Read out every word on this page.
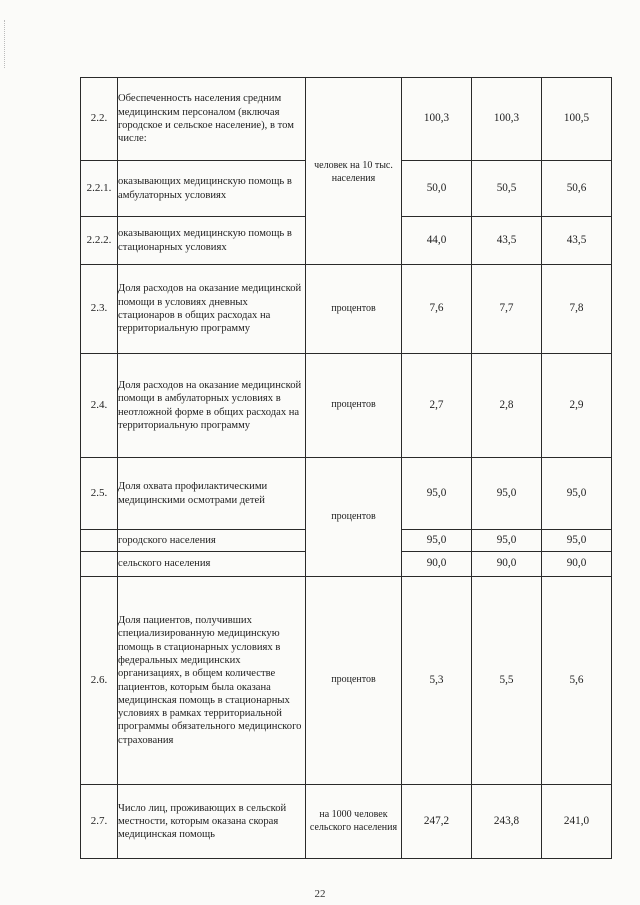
2.2.	Обеспеченность населения средним медицинским персоналом (включая городское и сельское население), в том числе:	человек на 10 тыс. населения	100,3	100,3	100,5
2.2.1.	оказывающих медицинскую помощь в амбулаторных условиях		50,0	50,5	50,6
2.2.2.	оказывающих медицинскую помощь в стационарных условиях		44,0	43,5	43,5
2.3.	Доля расходов на оказание медицинской помощи в условиях дневных стационаров в общих расходах на территориальную программу	процентов	7,6	7,7	7,8
2.4.	Доля расходов на оказание медицинской помощи в амбулаторных условиях в неотложной форме в общих расходах на территориальную программу	процентов	2,7	2,8	2,9
2.5.	Доля охвата профилактическими медицинскими осмотрами детей	процентов	95,0	95,0	95,0

	городского населения		95,0	95,0	95,0

	сельского населения		90,0	90,0	90,0
2.6.	Доля пациентов, получивших специализированную медицинскую помощь в стационарных условиях в федеральных медицинских организациях, в общем количестве пациентов, которым была оказана медицинская помощь в стационарных условиях в рамках территориальной программы обязательного медицинского страхования	процентов	5,3	5,5	5,6
2.7.	Число лиц, проживающих в сельской местности, которым оказана скорая медицинская помощь	на 1000 человек сельского населения	247,2	243,8	241,0
22
